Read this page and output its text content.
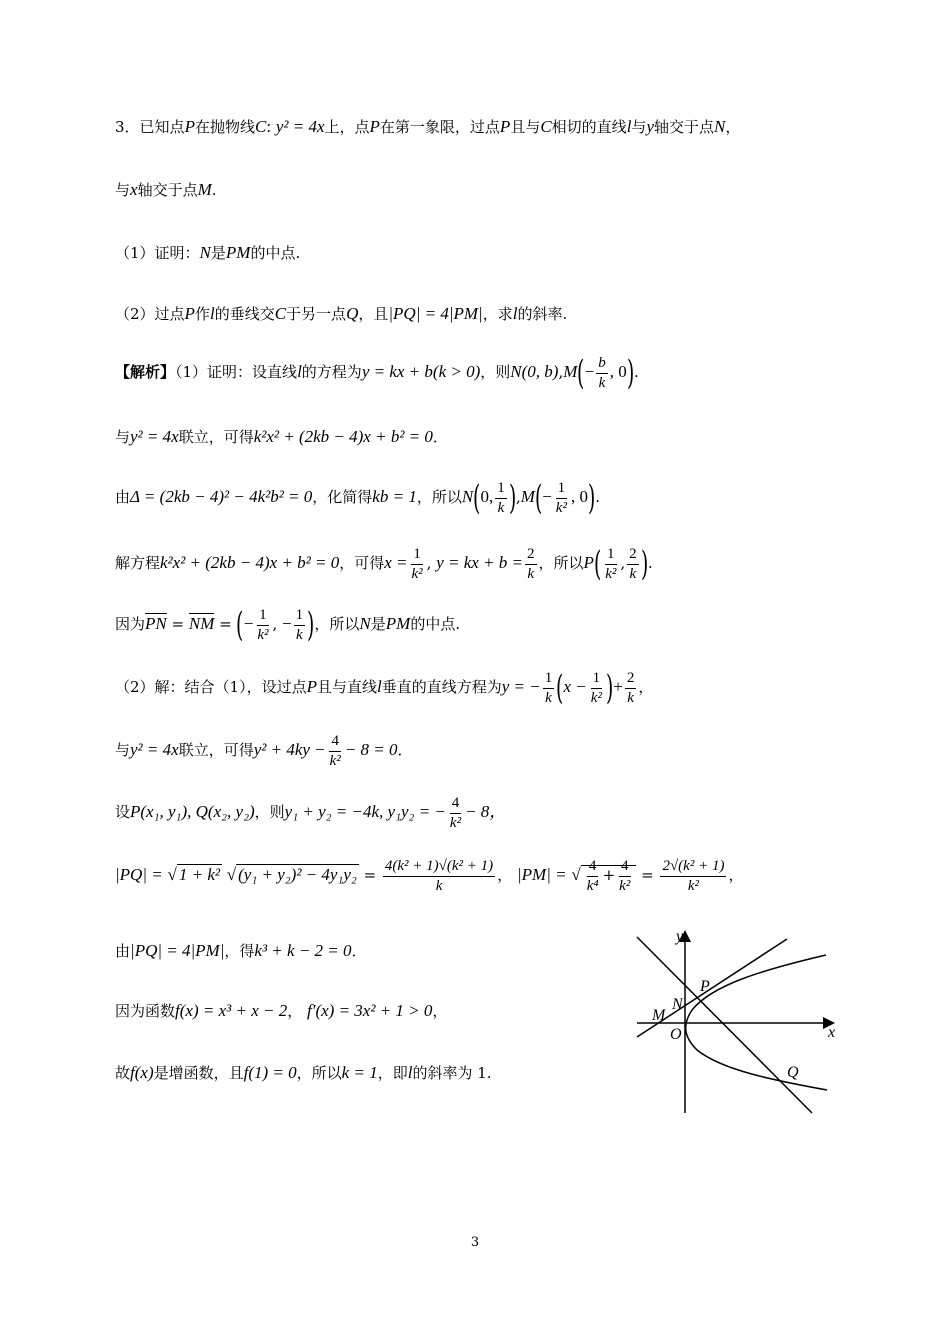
3．已知点P在抛物线C: y² = 4x上，点P在第一象限，过点P且与C相切的直线l与y轴交于点N，
与x轴交于点M.
（1）证明：N是PM的中点.
（2）过点P作l的垂线交C于另一点Q，且|PQ| = 4|PM|，求l的斜率.
【解析】（1）证明：设直线l的方程为y = kx + b(k > 0)，则N(0, $b),M(- \frac{b}{k}$ , 0).
与y² = 4x联立，可得k²x² + (2kb − 4)x + b² = 0．
由Δ = (2kb − 4)² − 4k²b² = 0，化简得kb = 1，所以N(0, $\frac{1}{k} ),M(- \frac{1}{\text{k²}}$ , 0).
解方程k²x² + (2kb − 4)x + b² = 0，可得$x = \frac{1}{\text{k²}}$ , y = kx + $b = \frac{2}{k}$ ，所以$P( \frac{1}{\text{k²}}$ , $\frac{2}{k}$ ).
因为PN = NM = (− $\frac{1}{\text{k²}}$ , − $\frac{1}{k}$ )，所以N是PM的中点.
（2）解：结合（1），设过点P且与直线l垂直的直线方程为y = − $\frac{1}{k} (x - \frac{1}{\text{k²}}$ )+ $\frac{2}{k}$ ，
与y² = 4x联立，可得$y^2 + 4ky - \frac{4}{\text{k²}} - 8 = 0$．
设P(x₁, y₁), Q(x₂, y₂)，则y₁ + y₂ = −4k, y₁y₂ = − $\frac{4}{\text{k²}} - 8$，
|PQ| = √ 1 + k² √ $(y_1 + y_2)^2 - 4y_1y_2 = \frac{\text{4(k² + 1)√(k² + 1)}}{k}$ ， |PM| = √ $\frac{4}{\text{k⁴}} + \frac{4}{\text{k²}} = \frac{\text{2√(k² + 1)}}{\text{k²}}$ ，
由|PQ| = 4|PM|，得k³ + k − 2 = 0．
因为函数f(x) = x³ + x − 2， f′(x) = 3x² + 1 > 0，
故f(x)是增函数，且f(1) = 0，所以k = 1，即l的斜率为 1.
y
x
P
N
M
O
Q
3
